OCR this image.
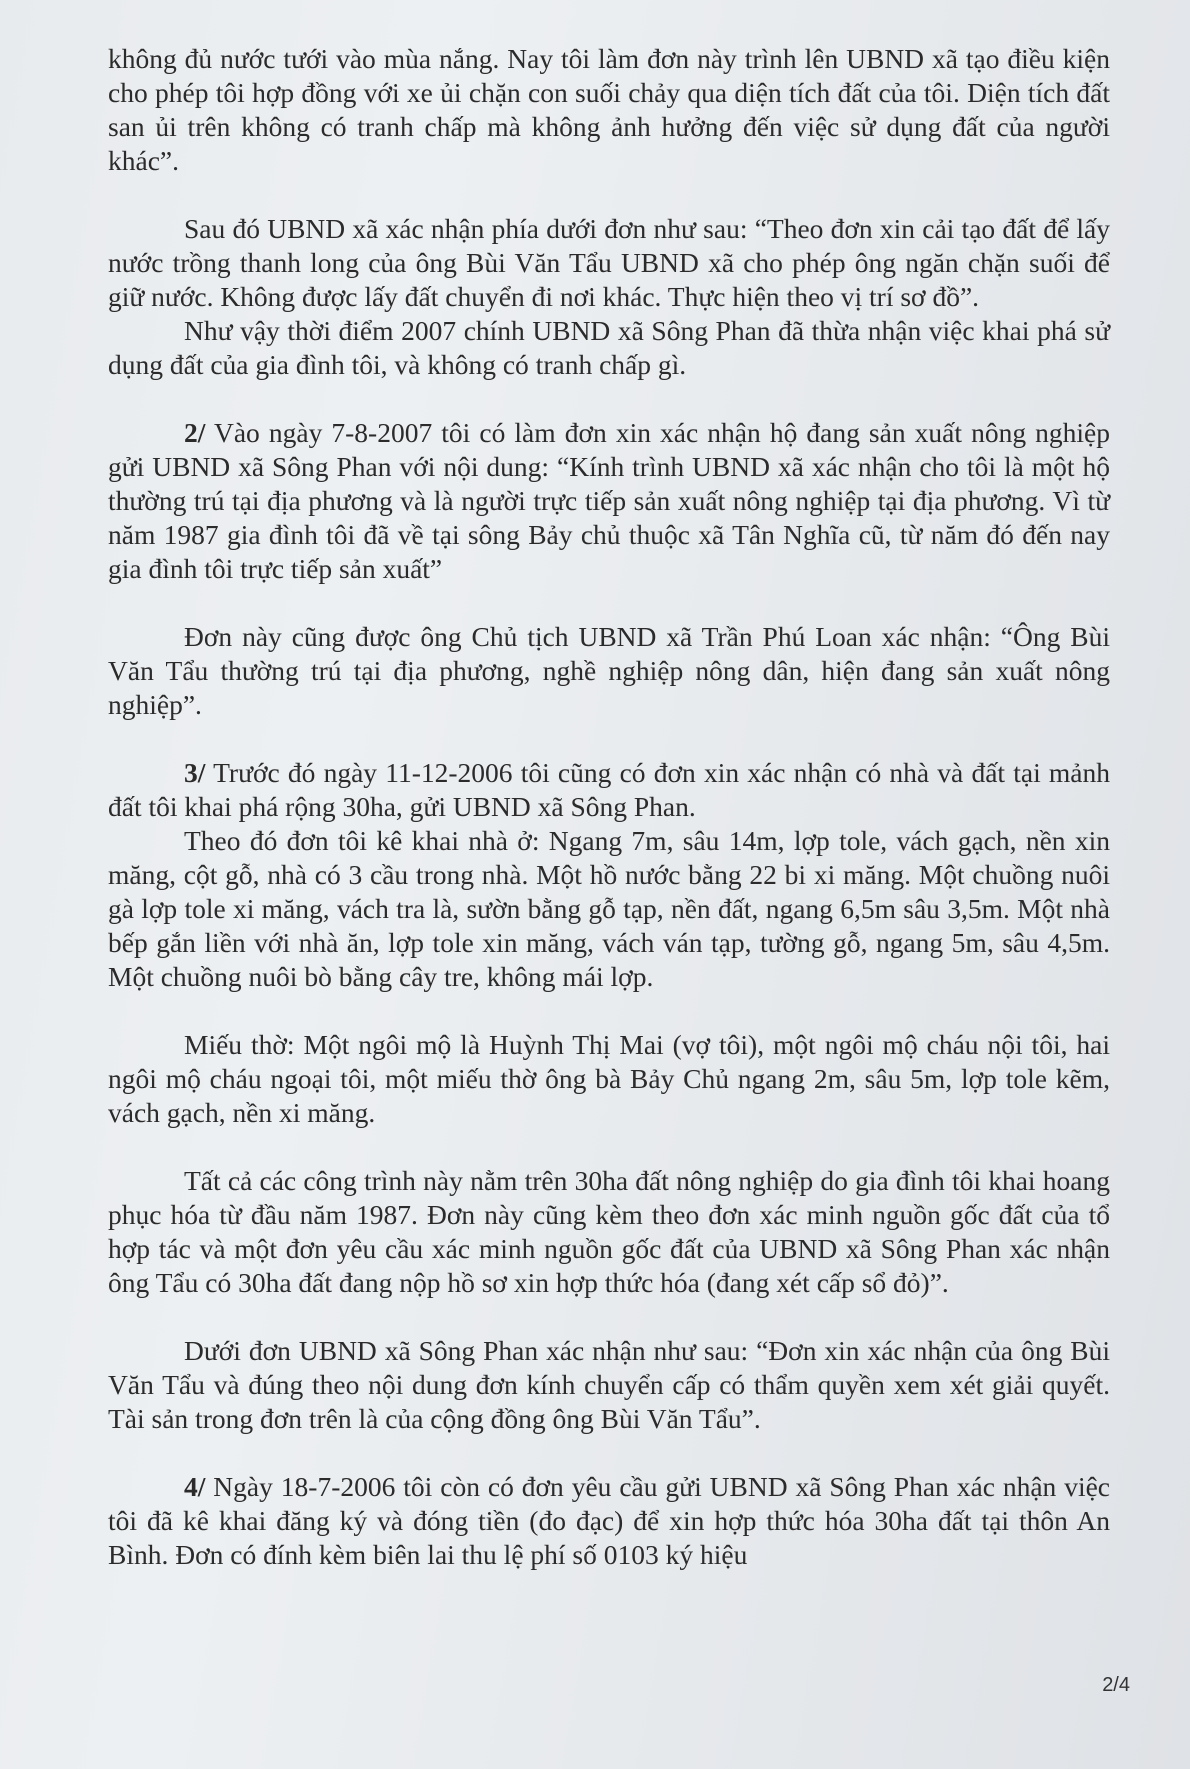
không đủ nước tưới vào mùa nắng. Nay tôi làm đơn này trình lên UBND xã tạo điều kiện cho phép tôi hợp đồng với xe ủi chặn con suối chảy qua diện tích đất của tôi. Diện tích đất san ủi trên không có tranh chấp mà không ảnh hưởng đến việc sử dụng đất của người khác”.

Sau đó UBND xã xác nhận phía dưới đơn như sau: “Theo đơn xin cải tạo đất để lấy nước trồng thanh long của ông Bùi Văn Tẩu UBND xã cho phép ông ngăn chặn suối để giữ nước. Không được lấy đất chuyển đi nơi khác. Thực hiện theo vị trí sơ đồ”.

Như vậy thời điểm 2007 chính UBND xã Sông Phan đã thừa nhận việc khai phá sử dụng đất của gia đình tôi, và không có tranh chấp gì.

2/ Vào ngày 7-8-2007 tôi có làm đơn xin xác nhận hộ đang sản xuất nông nghiệp gửi UBND xã Sông Phan với nội dung: “Kính trình UBND xã xác nhận cho tôi là một hộ thường trú tại địa phương và là người trực tiếp sản xuất nông nghiệp tại địa phương. Vì từ năm 1987 gia đình tôi đã về tại sông Bảy chủ thuộc xã Tân Nghĩa cũ, từ năm đó đến nay gia đình tôi trực tiếp sản xuất”

Đơn này cũng được ông Chủ tịch UBND xã Trần Phú Loan xác nhận: “Ông Bùi Văn Tẩu thường trú tại địa phương, nghề nghiệp nông dân, hiện đang sản xuất nông nghiệp”.

3/ Trước đó ngày 11-12-2006 tôi cũng có đơn xin xác nhận có nhà và đất tại mảnh đất tôi khai phá rộng 30ha, gửi UBND xã Sông Phan.

Theo đó đơn tôi kê khai nhà ở: Ngang 7m, sâu 14m, lợp tole, vách gạch, nền xin măng, cột gỗ, nhà có 3 cầu trong nhà. Một hồ nước bằng 22 bi xi măng. Một chuồng nuôi gà lợp tole xi măng, vách tra là, sườn bằng gỗ tạp, nền đất, ngang 6,5m sâu 3,5m. Một nhà bếp gắn liền với nhà ăn, lợp tole xin măng, vách ván tạp, tường gỗ, ngang 5m, sâu 4,5m. Một chuồng nuôi bò bằng cây tre, không mái lợp.

Miếu thờ: Một ngôi mộ là Huỳnh Thị Mai (vợ tôi), một ngôi mộ cháu nội tôi, hai ngôi mộ cháu ngoại tôi, một miếu thờ ông bà Bảy Chủ ngang 2m, sâu 5m, lợp tole kẽm, vách gạch, nền xi măng.

Tất cả các công trình này nằm trên 30ha đất nông nghiệp do gia đình tôi khai hoang phục hóa từ đầu năm 1987. Đơn này cũng kèm theo đơn xác minh nguồn gốc đất của tổ hợp tác và một đơn yêu cầu xác minh nguồn gốc đất của UBND xã Sông Phan xác nhận ông Tẩu có 30ha đất đang nộp hồ sơ xin hợp thức hóa (đang xét cấp sổ đỏ)”.

Dưới đơn UBND xã Sông Phan xác nhận như sau: “Đơn xin xác nhận của ông Bùi Văn Tẩu và đúng theo nội dung đơn kính chuyển cấp có thẩm quyền xem xét giải quyết. Tài sản trong đơn trên là của cộng đồng ông Bùi Văn Tẩu”.

4/ Ngày 18-7-2006 tôi còn có đơn yêu cầu gửi UBND xã Sông Phan xác nhận việc tôi đã kê khai đăng ký và đóng tiền (đo đạc) để xin hợp thức hóa 30ha đất tại thôn An Bình. Đơn có đính kèm biên lai thu lệ phí số 0103 ký hiệu

2/4
